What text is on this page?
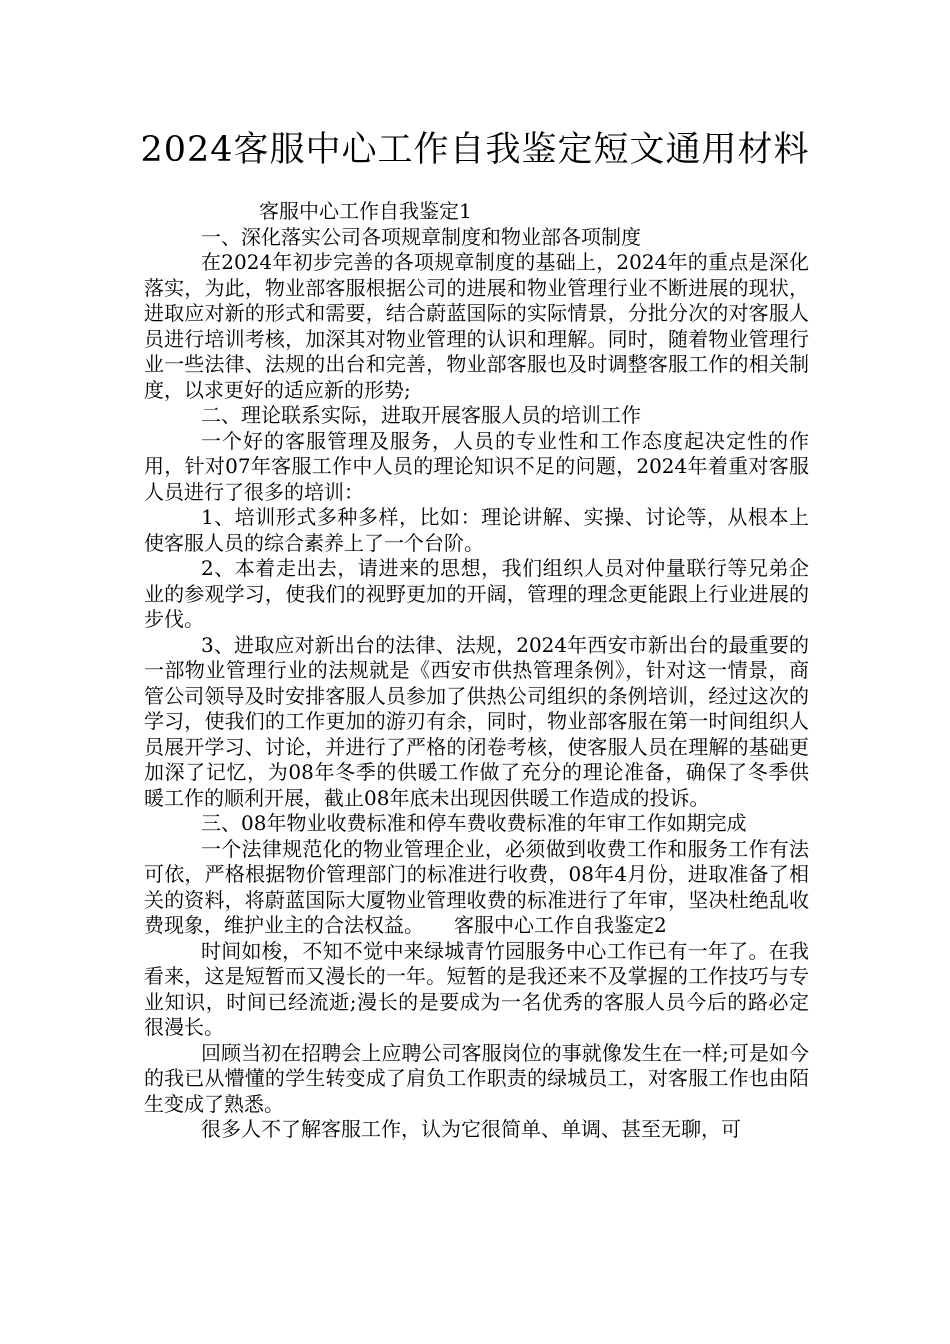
2024客服中心工作自我鉴定短文通用材料

客服中心工作自我鉴定1

一、深化落实公司各项规章制度和物业部各项制度

在2024年初步完善的各项规章制度的基础上，2024年的重点是深化落实，为此，物业部客服根据公司的进展和物业管理行业不断进展的现状，进取应对新的形式和需要，结合蔚蓝国际的实际情景，分批分次的对客服人员进行培训考核，加深其对物业管理的认识和理解。同时，随着物业管理行业一些法律、法规的出台和完善，物业部客服也及时调整客服工作的相关制度，以求更好的适应新的形势;

二、理论联系实际，进取开展客服人员的培训工作

一个好的客服管理及服务，人员的专业性和工作态度起决定性的作用，针对07年客服工作中人员的理论知识不足的问题，2024年着重对客服人员进行了很多的培训：

1、培训形式多种多样，比如：理论讲解、实操、讨论等，从根本上使客服人员的综合素养上了一个台阶。

2、本着走出去，请进来的思想，我们组织人员对仲量联行等兄弟企业的参观学习，使我们的视野更加的开阔，管理的理念更能跟上行业进展的步伐。

3、进取应对新出台的法律、法规，2024年西安市新出台的最重要的一部物业管理行业的法规就是《西安市供热管理条例》，针对这一情景，商管公司领导及时安排客服人员参加了供热公司组织的条例培训，经过这次的学习，使我们的工作更加的游刃有余，同时，物业部客服在第一时间组织人员展开学习、讨论，并进行了严格的闭卷考核，使客服人员在理解的基础更加深了记忆，为08年冬季的供暖工作做了充分的理论准备，确保了冬季供暖工作的顺利开展，截止08年底未出现因供暖工作造成的投诉。

三、08年物业收费标准和停车费收费标准的年审工作如期完成

一个法律规范化的物业管理企业，必须做到收费工作和服务工作有法可依，严格根据物价管理部门的标准进行收费，08年4月份，进取准备了相关的资料，将蔚蓝国际大厦物业管理收费的标准进行了年审，坚决杜绝乱收费现象，维护业主的合法权益。　　客服中心工作自我鉴定2

时间如梭，不知不觉中来绿城青竹园服务中心工作已有一年了。在我看来，这是短暂而又漫长的一年。短暂的是我还来不及掌握的工作技巧与专业知识，时间已经流逝;漫长的是要成为一名优秀的客服人员今后的路必定很漫长。

回顾当初在招聘会上应聘公司客服岗位的事就像发生在一样;可是如今的我已从懵懂的学生转变成了肩负工作职责的绿城员工，对客服工作也由陌生变成了熟悉。

很多人不了解客服工作，认为它很简单、单调、甚至无聊，可
